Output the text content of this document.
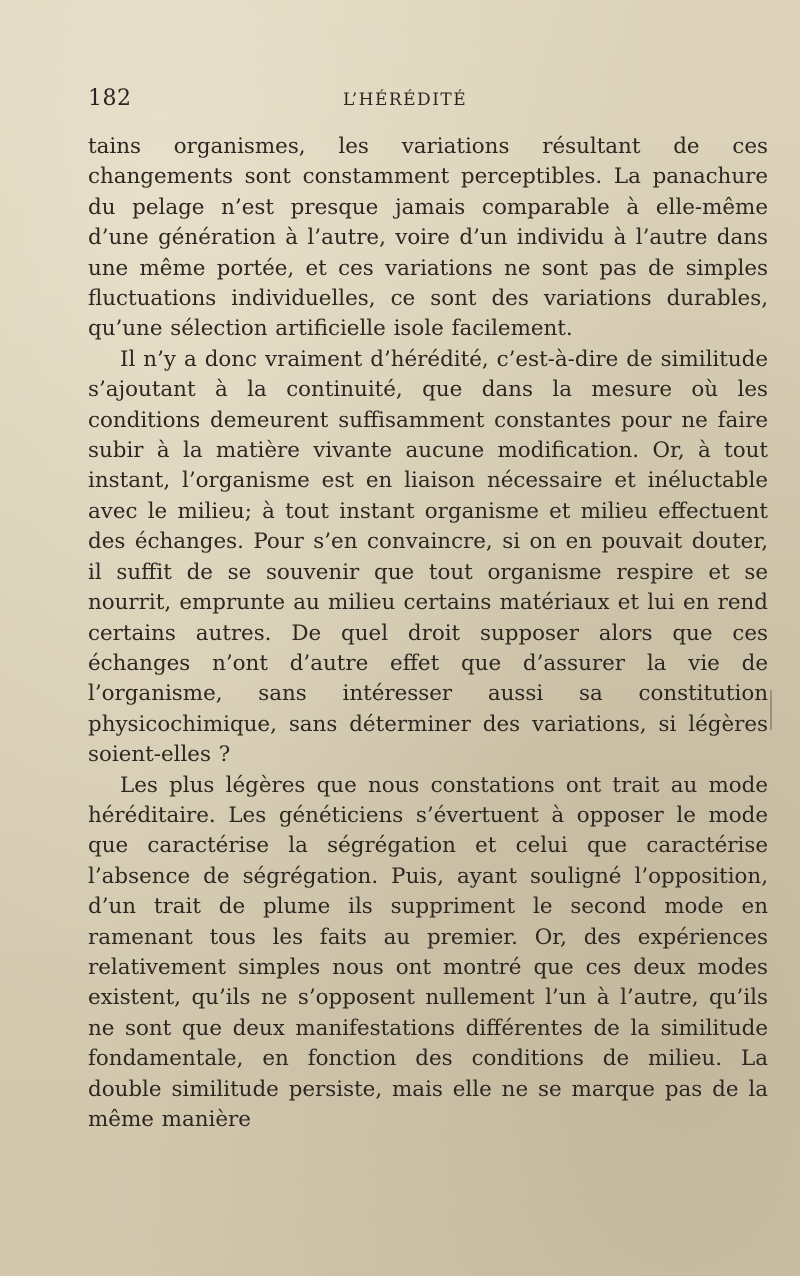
182	L’HÉRÉDITÉ

tains organismes, les variations résultant de ces changements sont constamment perceptibles. La panachure du pelage n’est presque jamais comparable à elle-même d’une génération à l’autre, voire d’un individu à l’autre dans une même portée, et ces variations ne sont pas de simples fluctuations individuelles, ce sont des variations durables, qu’une sélection artificielle isole facilement.

Il n’y a donc vraiment d’hérédité, c’est-à-dire de similitude s’ajoutant à la continuité, que dans la mesure où les conditions demeurent suffisamment constantes pour ne faire subir à la matière vivante aucune modification. Or, à tout instant, l’organisme est en liaison nécessaire et inéluctable avec le milieu; à tout instant organisme et milieu effectuent des échanges. Pour s’en convaincre, si on en pouvait douter, il suffit de se souvenir que tout organisme respire et se nourrit, emprunte au milieu certains matériaux et lui en rend certains autres. De quel droit supposer alors que ces échanges n’ont d’autre effet que d’assurer la vie de l’organisme, sans intéresser aussi sa constitution physicochimique, sans déterminer des variations, si légères soient-elles ?

Les plus légères que nous constations ont trait au mode héréditaire. Les généticiens s’évertuent à opposer le mode que caractérise la ségrégation et celui que caractérise l’absence de ségrégation. Puis, ayant souligné l’opposition, d’un trait de plume ils suppriment le second mode en ramenant tous les faits au premier. Or, des expériences relativement simples nous ont montré que ces deux modes existent, qu’ils ne s’opposent nullement l’un à l’autre, qu’ils ne sont que deux manifestations différentes de la similitude fondamentale, en fonction des conditions de milieu. La double similitude persiste, mais elle ne se marque pas de la même manière
